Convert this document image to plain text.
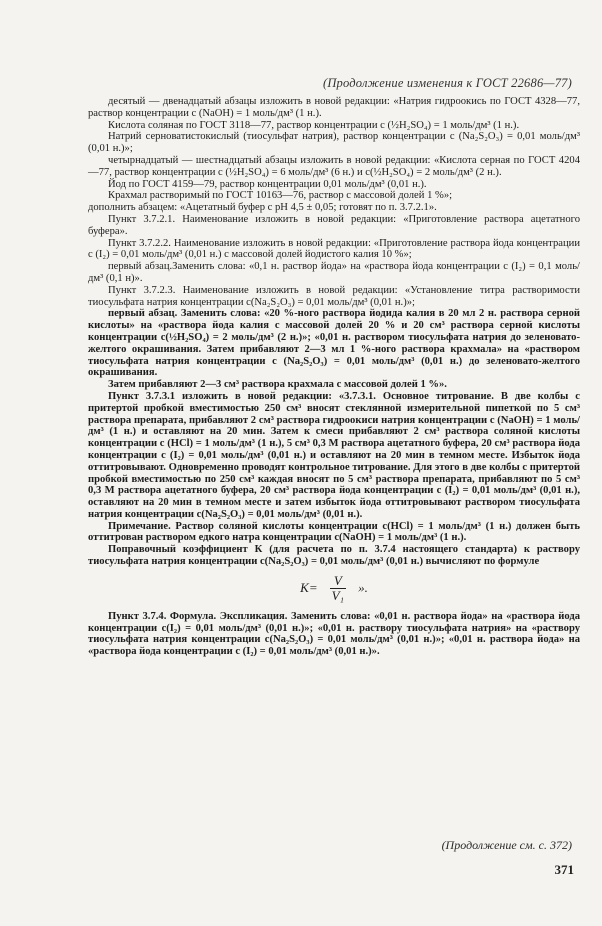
(Продолжение изменения к ГОСТ 22686—77)

десятый — двенадцатый абзацы изложить в новой редакции: «Натрия гидроокись по ГОСТ 4328—77, раствор концентрации c (NaOH) = 1 моль/дм³ (1 н.).

Кислота соляная по ГОСТ 3118—77, раствор концентрации c (½H₂SO₄) = 1 моль/дм³ (1 н.).

Натрий серноватистокислый (тиосульфат натрия), раствор концентрации c (Na₂S₂O₃) = 0,01 моль/дм³ (0,01 н.)»;

четырнадцатый — шестнадцатый абзацы изложить в новой редакции: «Кислота серная по ГОСТ 4204—77, раствор концентрации c (½H₂SO₄) = 6 моль/дм³ (6 н.) и c(½H₂SO₄) = 2 моль/дм³ (2 н.).

Йод по ГОСТ 4159—79, раствор концентрации 0,01 моль/дм³ (0,01 н.).

Крахмал растворимый по ГОСТ 10163—76, раствор с массовой долей 1 %»;

дополнить абзацем: «Ацетатный буфер с рН 4,5 ± 0,05; готовят по п. 3.7.2.1».

Пункт 3.7.2.1. Наименование изложить в новой редакции: «Приготовление раствора ацетатного буфера».

Пункт 3.7.2.2. Наименование изложить в новой редакции: «Приготовление раствора йода концентрации c (I₂) = 0,01 моль/дм³ (0,01 н.) с массовой долей йодистого калия 10 %»;

первый абзац.Заменить слова: «0,1 н. раствор йода» на «раствора йода концентрации c (I₂) = 0,1 моль/дм³ (0,1 н)».

Пункт 3.7.2.3. Наименование изложить в новой редакции: «Установление титра растворимости тиосульфата натрия концентрации c(Na₂S₂O₃) = 0,01 моль/дм³ (0,01 н.)»;

первый абзац. Заменить слова: «20 %-ного раствора йодида калия в 20 мл 2 н. раствора серной кислоты» на «раствора йода калия с массовой долей 20 % и 20 см³ раствора серной кислоты концентрации c(½H₂SO₄) = 2 моль/дм³ (2 н.)»; «0,01 н. раствором тиосульфата натрия до зеленовато-желтого окрашивания. Затем прибавляют 2—3 мл 1 %-ного раствора крахмала» на «раствором тиосульфата натрия концентрации c (Na₂S₂O₃) = 0,01 моль/дм³ (0,01 н.) до зеленовато-желтого окрашивания.

Затем прибавляют 2—3 см³ раствора крахмала с массовой долей 1 %».

Пункт 3.7.3.1 изложить в новой редакции: «3.7.3.1. Основное титрование. В две колбы с притертой пробкой вместимостью 250 см³ вносят стеклянной измерительной пипеткой по 5 см³ раствора препарата, прибавляют 2 см³ раствора гидроокиси натрия концентрации c (NaOH) = 1 моль/дм³ (1 н.) и оставляют на 20 мин. Затем к смеси прибавляют 2 см³ раствора соляной кислоты концентрации c (HCl) = 1 моль/дм³ (1 н.), 5 см³ 0,3 М раствора ацетатного буфера, 20 см³ раствора йода концентрации c (I₂) = 0,01 моль/дм³ (0,01 н.) и оставляют на 20 мин в темном месте. Избыток йода оттитровывают. Одновременно проводят контрольное титрование. Для этого в две колбы с притертой пробкой вместимостью по 250 см³ каждая вносят по 5 см³ раствора препарата, прибавляют по 5 см³ 0,3 М раствора ацетатного буфера, 20 см³ раствора йода концентрации c (I₂) = 0,01 моль/дм³ (0,01 н.), оставляют на 20 мин в темном месте и затем избыток йода оттитровывают раствором тиосульфата натрия концентрации c(Na₂S₂O₃) = 0,01 моль/дм³ (0,01 н.).

Примечание. Раствор соляной кислоты концентрации c(HCl) = 1 моль/дм³ (1 н.) должен быть оттитрован раствором едкого натра концентрации c(NaOH) = 1 моль/дм³ (1 н.).

Поправочный коэффициент К (для расчета по п. 3.7.4 настоящего стандарта) к раствору тиосульфата натрия концентрации c(Na₂S₂O₃) = 0,01 моль/дм³ (0,01 н.) вычисляют по формуле

$K= \frac{V}{\text{V₁}}$ ».

Пункт 3.7.4. Формула. Экспликация. Заменить слова: «0,01 н. раствора йода» на «раствора йода концентрации c(I₂) = 0,01 моль/дм³ (0,01 н.)»; «0,01 н. раствору тиосульфата натрия» на «раствору тиосульфата натрия концентрации c(Na₂S₂O₃) = 0,01 моль/дм³ (0,01 н.)»; «0,01 н. раствора йода» на «раствора йода концентрации c (I₂) = 0,01 моль/дм³ (0,01 н.)».

(Продолжение см. с. 372)
371
